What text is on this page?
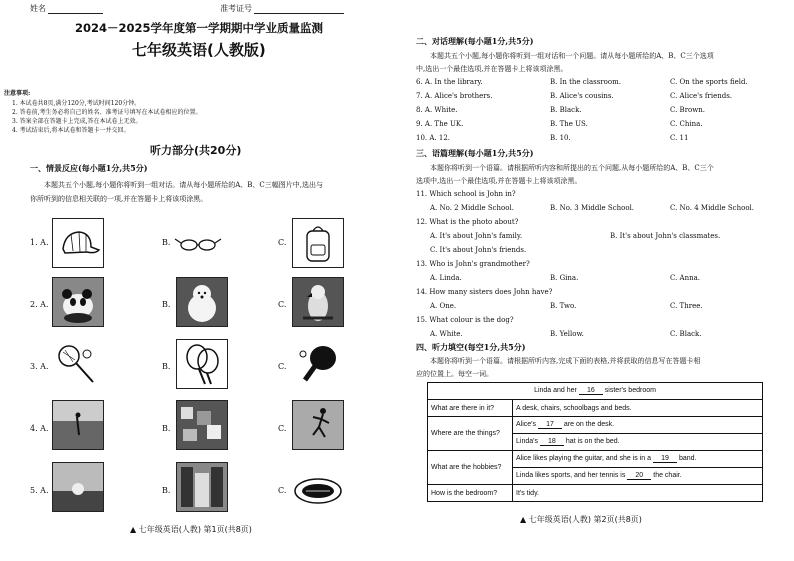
姓名	准考证号
2024－2025学年度第一学期期中学业质量监测
七年级英语(人教版)
注意事项:
1. 本试卷共8页,满分120分,考试时间120分钟。
2. 答卷前,考生务必将自己的姓名、准考证号填写在本试卷相应的位置。
3. 答案全部在答题卡上完成,答在本试卷上无效。
4. 考试结束后,将本试卷和答题卡一并交回。
听力部分(共20分)
一、情景反应(每小题1分,共5分)
本题共五个小题,每小题你将听到一组对话。请从每小题所给的A、B、C三幅图片中,选出与
你所听到的信息相关联的一项,并在答题卡上将该项涂黑。
1. A.	B.	C.
2. A.	B.	C.
3. A.	B.	C.
4. A.	B.	C.
5. A.	B.	C.
▲ 七年级英语(人教) 第1页(共8页)
二、对话理解(每小题1分,共5分)
本题共五个小题,每小题你将听到一组对话和一个问题。请从每小题所给的A、B、C三个选项
中,选出一个最佳选项,并在答题卡上将该项涂黑。
6. A. In the library.	B. In the classroom.	C. On the sports field.
7. A. Alice's brothers.	B. Alice's cousins.	C. Alice's friends.
8. A. White.	B. Black.	C. Brown.
9. A. The UK.	B. The US.	C. China.
10. A. 12.	B. 10.	C. 11
三、语篇理解(每小题1分,共5分)
本题你将听到一个语篇。请根据所听内容和所提出的五个问题,从每小题所给的A、B、C三个
选项中,选出一个最佳选项,并在答题卡上将该项涂黑。
11. Which school is John in?
A. No. 2 Middle School.	B. No. 3 Middle School.	C. No. 4 Middle School.
12. What is the photo about?
A. It's about John's family.	B. It's about John's classmates.
C. It's about John's friends.
13. Who is John's grandmother?
A. Linda.	B. Gina.	C. Anna.
14. How many sisters does John have?
A. One.	B. Two.	C. Three.
15. What colour is the dog?
A. White.	B. Yellow.	C. Black.
四、听力填空(每空1分,共5分)
本题你将听到一个语篇。请根据所听内容,完成下面的表格,并将获取的信息写在答题卡相
应的位置上。每空一词。
Linda and her 16 sister's bedroom	
What are there in it?	A desk, chairs, schoolbags and beds.
Where are the things?	Alice's 17 are on the desk.
	Linda's 18 hat is on the bed.
What are the hobbies?	Alice likes playing the guitar, and she is in a 19 band.
	Linda likes sports, and her tennis is 20 the chair.
How is the bedroom?	It's tidy.
▲ 七年级英语(人教) 第2页(共8页)
